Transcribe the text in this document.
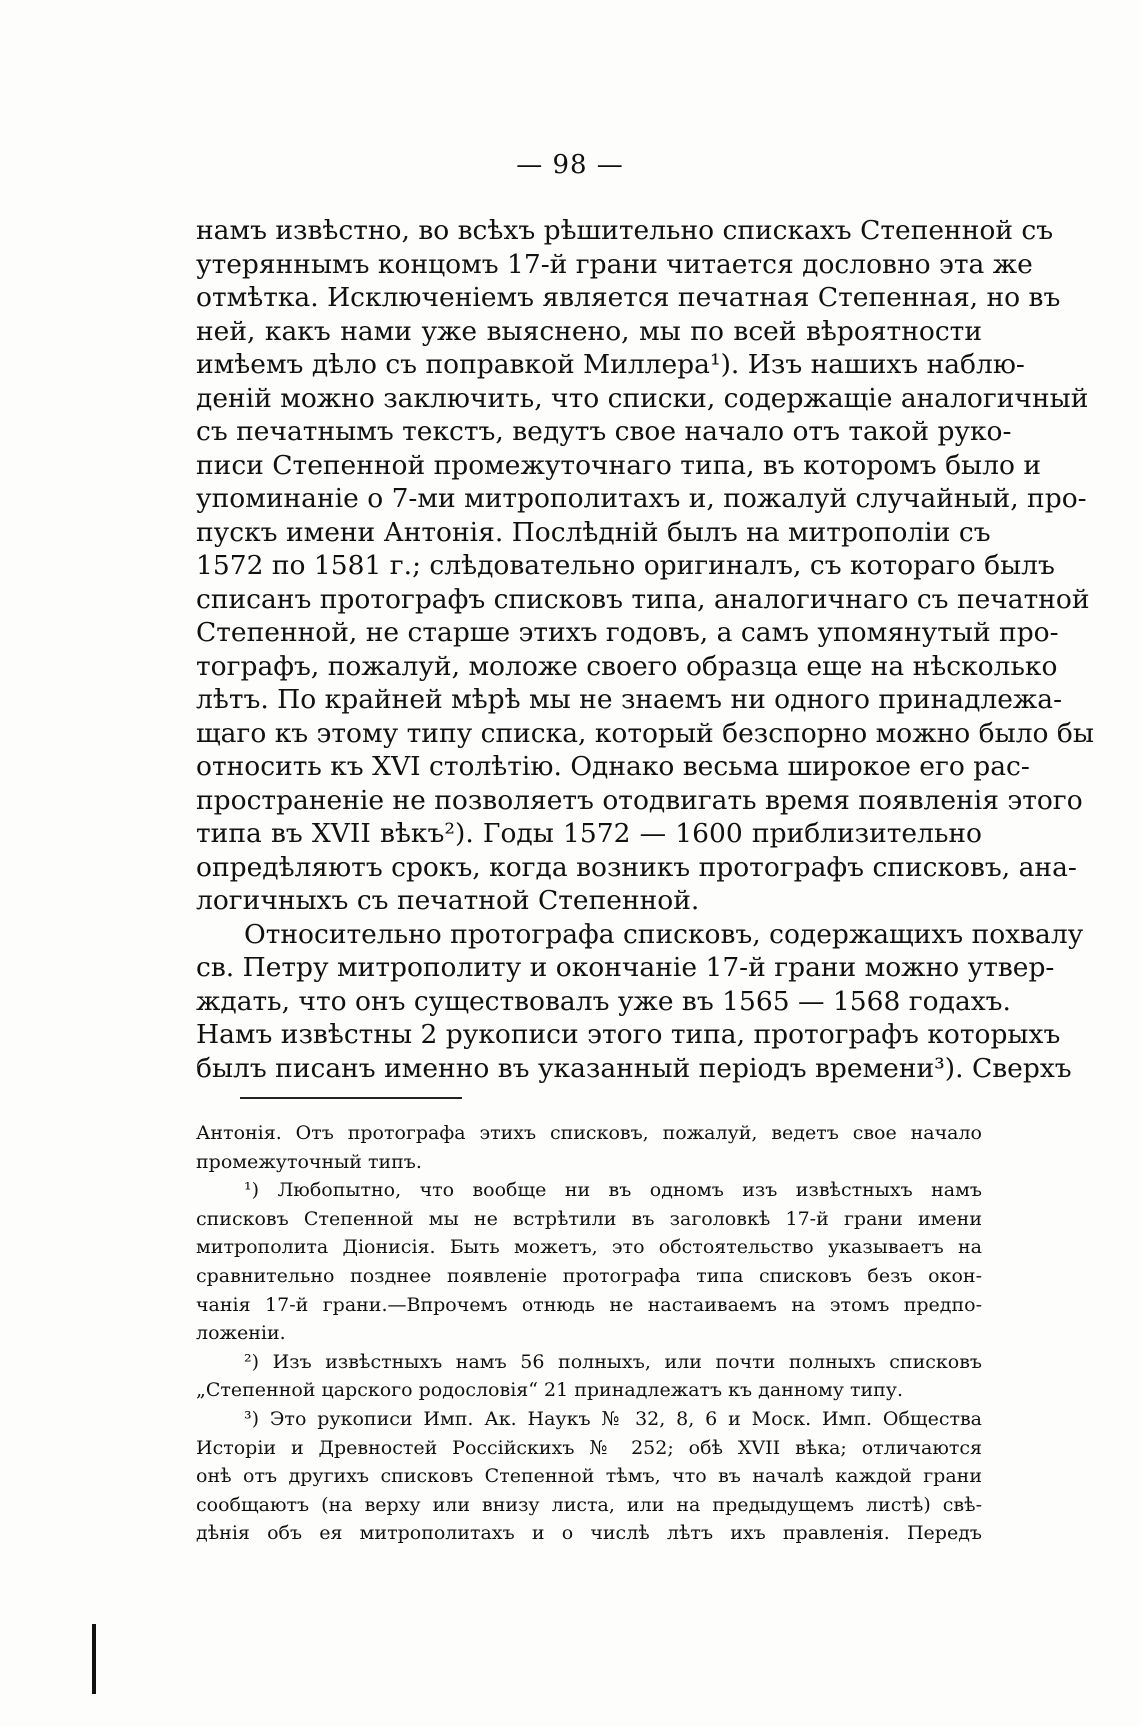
— 98 —
намъ извѣстно, во всѣхъ рѣшительно спискахъ Степенной съ
утеряннымъ концомъ 17-й грани читается дословно эта же
отмѣтка. Исключеніемъ является печатная Степенная, но въ
ней, какъ нами уже выяснено, мы по всей вѣроятности
имѣемъ дѣло съ поправкой Миллера¹). Изъ нашихъ наблю-
деній можно заключить, что списки, содержащіе аналогичный
съ печатнымъ текстъ, ведутъ свое начало отъ такой руко-
писи Степенной промежуточнаго типа, въ которомъ было и
упоминаніе о 7-ми митрополитахъ и, пожалуй случайный, про-
пускъ имени Антонія. Послѣдній былъ на митрополіи съ
1572 по 1581 г.; слѣдовательно оригиналъ, съ котораго былъ
списанъ протографъ списковъ типа, аналогичнаго съ печатной
Степенной, не старше этихъ годовъ, а самъ упомянутый про-
тографъ, пожалуй, моложе своего образца еще на нѣсколько
лѣтъ. По крайней мѣрѣ мы не знаемъ ни одного принадлежа-
щаго къ этому типу списка, который безспорно можно было бы
относить къ XVI столѣтію. Однако весьма широкое его рас-
пространеніе не позволяетъ отодвигать время появленія этого
типа въ XVII вѣкъ²). Годы 1572 — 1600 приблизительно
опредѣляютъ срокъ, когда возникъ протографъ списковъ, ана-
логичныхъ съ печатной Степенной.
Относительно протографа списковъ, содержащихъ похвалу
св. Петру митрополиту и окончаніе 17-й грани можно утвер-
ждать, что онъ существовалъ уже въ 1565 — 1568 годахъ.
Намъ извѣстны 2 рукописи этого типа, протографъ которыхъ
былъ писанъ именно въ указанный періодъ времени³). Сверхъ
Антонія. Отъ протографа этихъ списковъ, пожалуй, ведетъ свое начало
промежуточный типъ.
¹) Любопытно, что вообще ни въ одномъ изъ извѣстныхъ намъ
списковъ Степенной мы не встрѣтили въ заголовкѣ 17-й грани имени
митрополита Діонисія. Быть можетъ, это обстоятельство указываетъ на
сравнительно позднее появленіе протографа типа списковъ безъ окон-
чанія 17-й грани.—Впрочемъ отнюдь не настаиваемъ на этомъ предпо-
ложеніи.
²) Изъ извѣстныхъ намъ 56 полныхъ, или почти полныхъ списковъ
„Степенной царского родословія“ 21 принадлежатъ къ данному типу.
³) Это рукописи Имп. Ак. Наукъ № 32, 8, 6 и Моск. Имп. Общества
Исторіи и Древностей Россійскихъ № 252; обѣ XVII вѣка; отличаются
онѣ отъ другихъ списковъ Степенной тѣмъ, что въ началѣ каждой грани
сообщаютъ (на верху или внизу листа, или на предыдущемъ листѣ) свѣ-
дѣнія объ ея митрополитахъ и о числѣ лѣтъ ихъ правленія. Передъ
